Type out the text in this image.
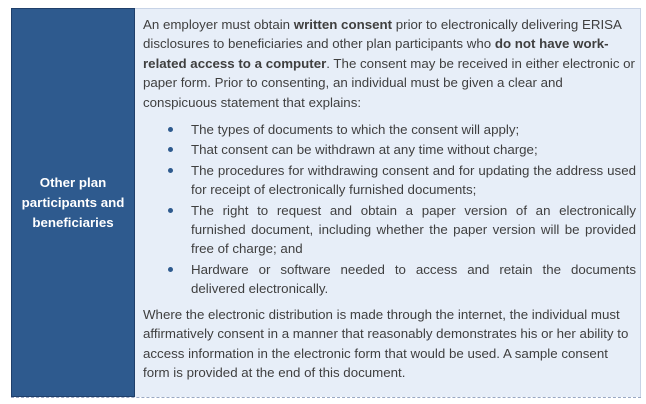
Other plan
participants and
beneficiaries

An employer must obtain written consent prior to electronically delivering ERISA disclosures to beneficiaries and other plan participants who do not have work-related access to a computer. The consent may be received in either electronic or paper form. Prior to consenting, an individual must be given a clear and conspicuous statement that explains:

The types of documents to which the consent will apply;
That consent can be withdrawn at any time without charge;
The procedures for withdrawing consent and for updating the address used for receipt of electronically furnished documents;
The right to request and obtain a paper version of an electronically furnished document, including whether the paper version will be provided free of charge; and
Hardware or software needed to access and retain the documents delivered electronically.

Where the electronic distribution is made through the internet, the individual must affirmatively consent in a manner that reasonably demonstrates his or her ability to access information in the electronic form that would be used. A sample consent form is provided at the end of this document.
